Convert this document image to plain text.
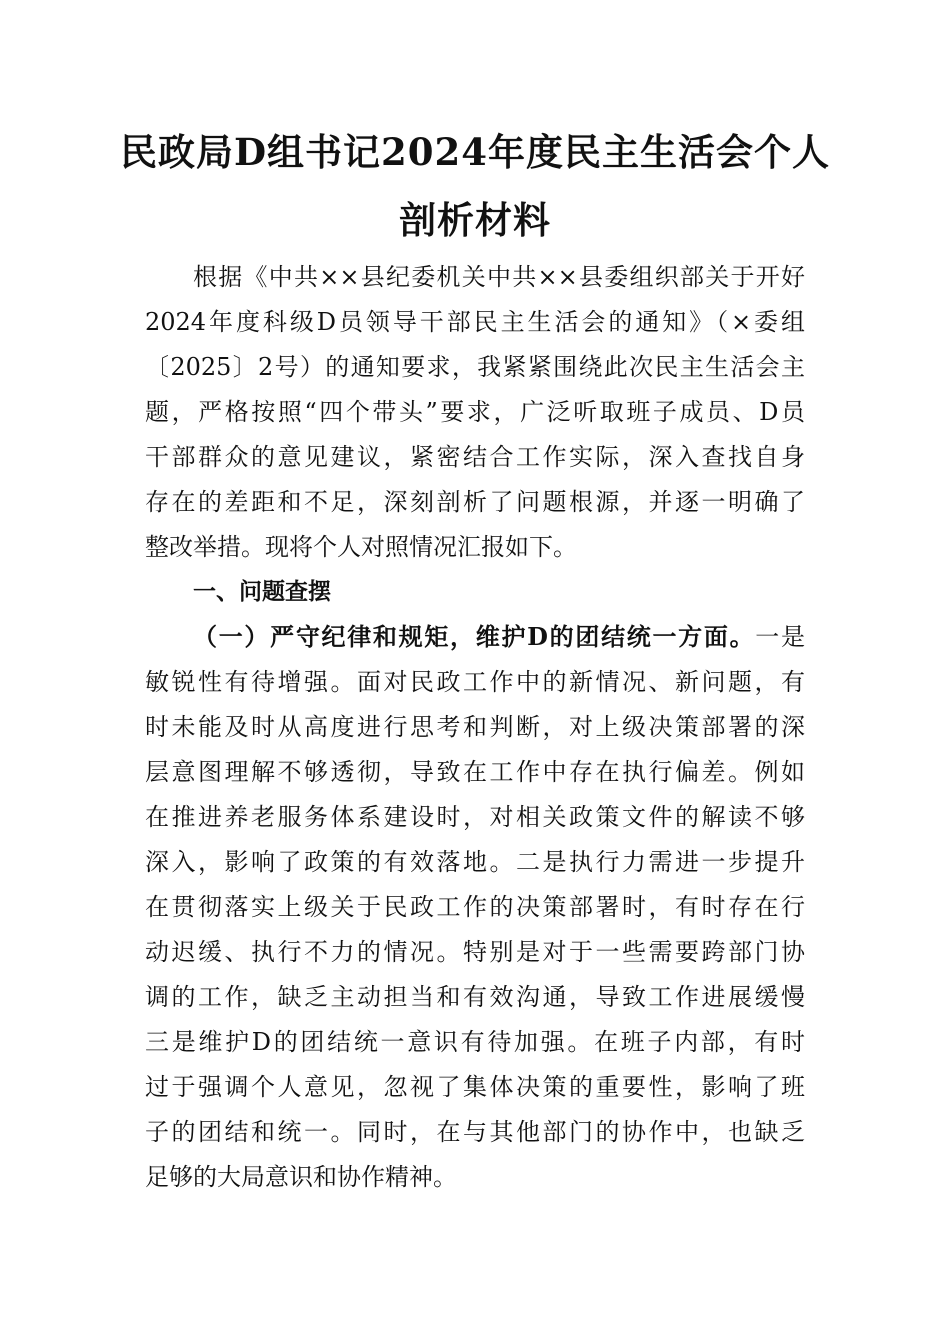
民政局D组书记2024年度民主生活会个人
剖析材料
根据《中共××县纪委机关中共××县委组织部关于开好
2024年度科级D员领导干部民主生活会的通知》（×委组
〔2025〕2号）的通知要求，我紧紧围绕此次民主生活会主
题，严格按照“四个带头”要求，广泛听取班子成员、D员
干部群众的意见建议，紧密结合工作实际，深入查找自身
存在的差距和不足，深刻剖析了问题根源，并逐一明确了
整改举措。现将个人对照情况汇报如下。
一、问题查摆
（一）严守纪律和规矩，维护D的团结统一方面。一是
敏锐性有待增强。面对民政工作中的新情况、新问题，有
时未能及时从高度进行思考和判断，对上级决策部署的深
层意图理解不够透彻，导致在工作中存在执行偏差。例如
在推进养老服务体系建设时，对相关政策文件的解读不够
深入，影响了政策的有效落地。二是执行力需进一步提升
在贯彻落实上级关于民政工作的决策部署时，有时存在行
动迟缓、执行不力的情况。特别是对于一些需要跨部门协
调的工作，缺乏主动担当和有效沟通，导致工作进展缓慢
三是维护D的团结统一意识有待加强。在班子内部，有时
过于强调个人意见，忽视了集体决策的重要性，影响了班
子的团结和统一。同时，在与其他部门的协作中，也缺乏
足够的大局意识和协作精神。
